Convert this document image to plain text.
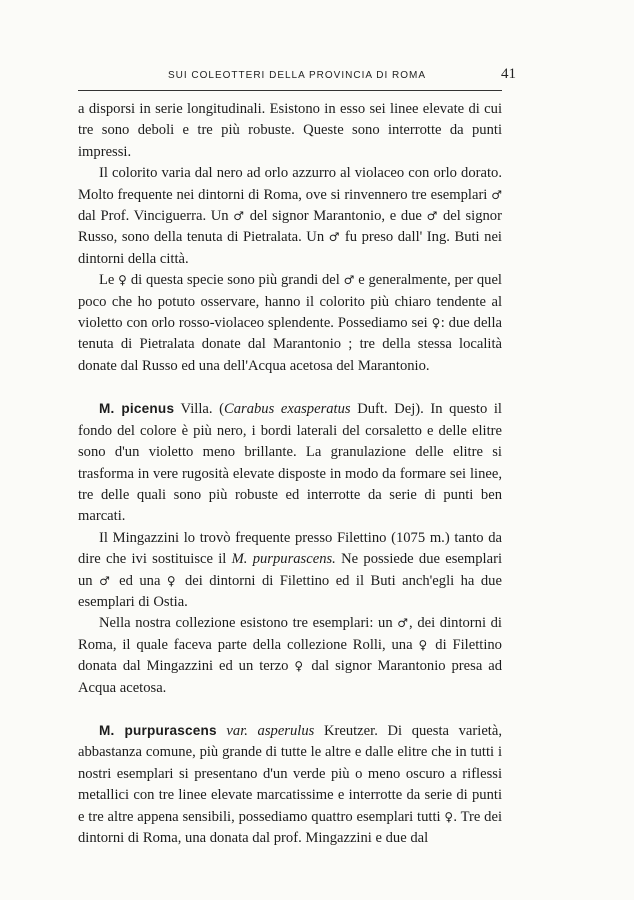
SUI COLEOTTERI DELLA PROVINCIA DI ROMA	41

a disporsi in serie longitudinali. Esistono in esso sei linee elevate di cui tre sono deboli e tre più robuste. Queste sono interrotte da punti impressi.

Il colorito varia dal nero ad orlo azzurro al violaceo con orlo dorato. Molto frequente nei dintorni di Roma, ove si rinvennero tre esemplari ♂ dal Prof. Vinciguerra. Un ♂ del signor Marantonio, e due ♂ del signor Russo, sono della tenuta di Pietralata. Un ♂ fu preso dall' Ing. Buti nei dintorni della città.

Le ♀ di questa specie sono più grandi del ♂ e generalmente, per quel poco che ho potuto osservare, hanno il colorito più chiaro tendente al violetto con orlo rosso-violaceo splendente. Possediamo sei ♀: due della tenuta di Pietralata donate dal Marantonio ; tre della stessa località donate dal Russo ed una dell'Acqua acetosa del Marantonio.

M. picenus Villa. (Carabus exasperatus Duft. Dej). In questo il fondo del colore è più nero, i bordi laterali del corsaletto e delle elitre sono d'un violetto meno brillante. La granulazione delle elitre si trasforma in vere rugosità elevate disposte in modo da formare sei linee, tre delle quali sono più robuste ed interrotte da serie di punti ben marcati.

Il Mingazzini lo trovò frequente presso Filettino (1075 m.) tanto da dire che ivi sostituisce il M. purpurascens. Ne possiede due esemplari un ♂ ed una ♀ dei dintorni di Filettino ed il Buti anch'egli ha due esemplari di Ostia.

Nella nostra collezione esistono tre esemplari: un ♂, dei dintorni di Roma, il quale faceva parte della collezione Rolli, una ♀ di Filettino donata dal Mingazzini ed un terzo ♀ dal signor Marantonio presa ad Acqua acetosa.

M. purpurascens var. asperulus Kreutzer. Di questa varietà, abbastanza comune, più grande di tutte le altre e dalle elitre che in tutti i nostri esemplari si presentano d'un verde più o meno oscuro a riflessi metallici con tre linee elevate marcatissime e interrotte da serie di punti e tre altre appena sensibili, possediamo quattro esemplari tutti ♀. Tre dei dintorni di Roma, una donata dal prof. Mingazzini e due dal
